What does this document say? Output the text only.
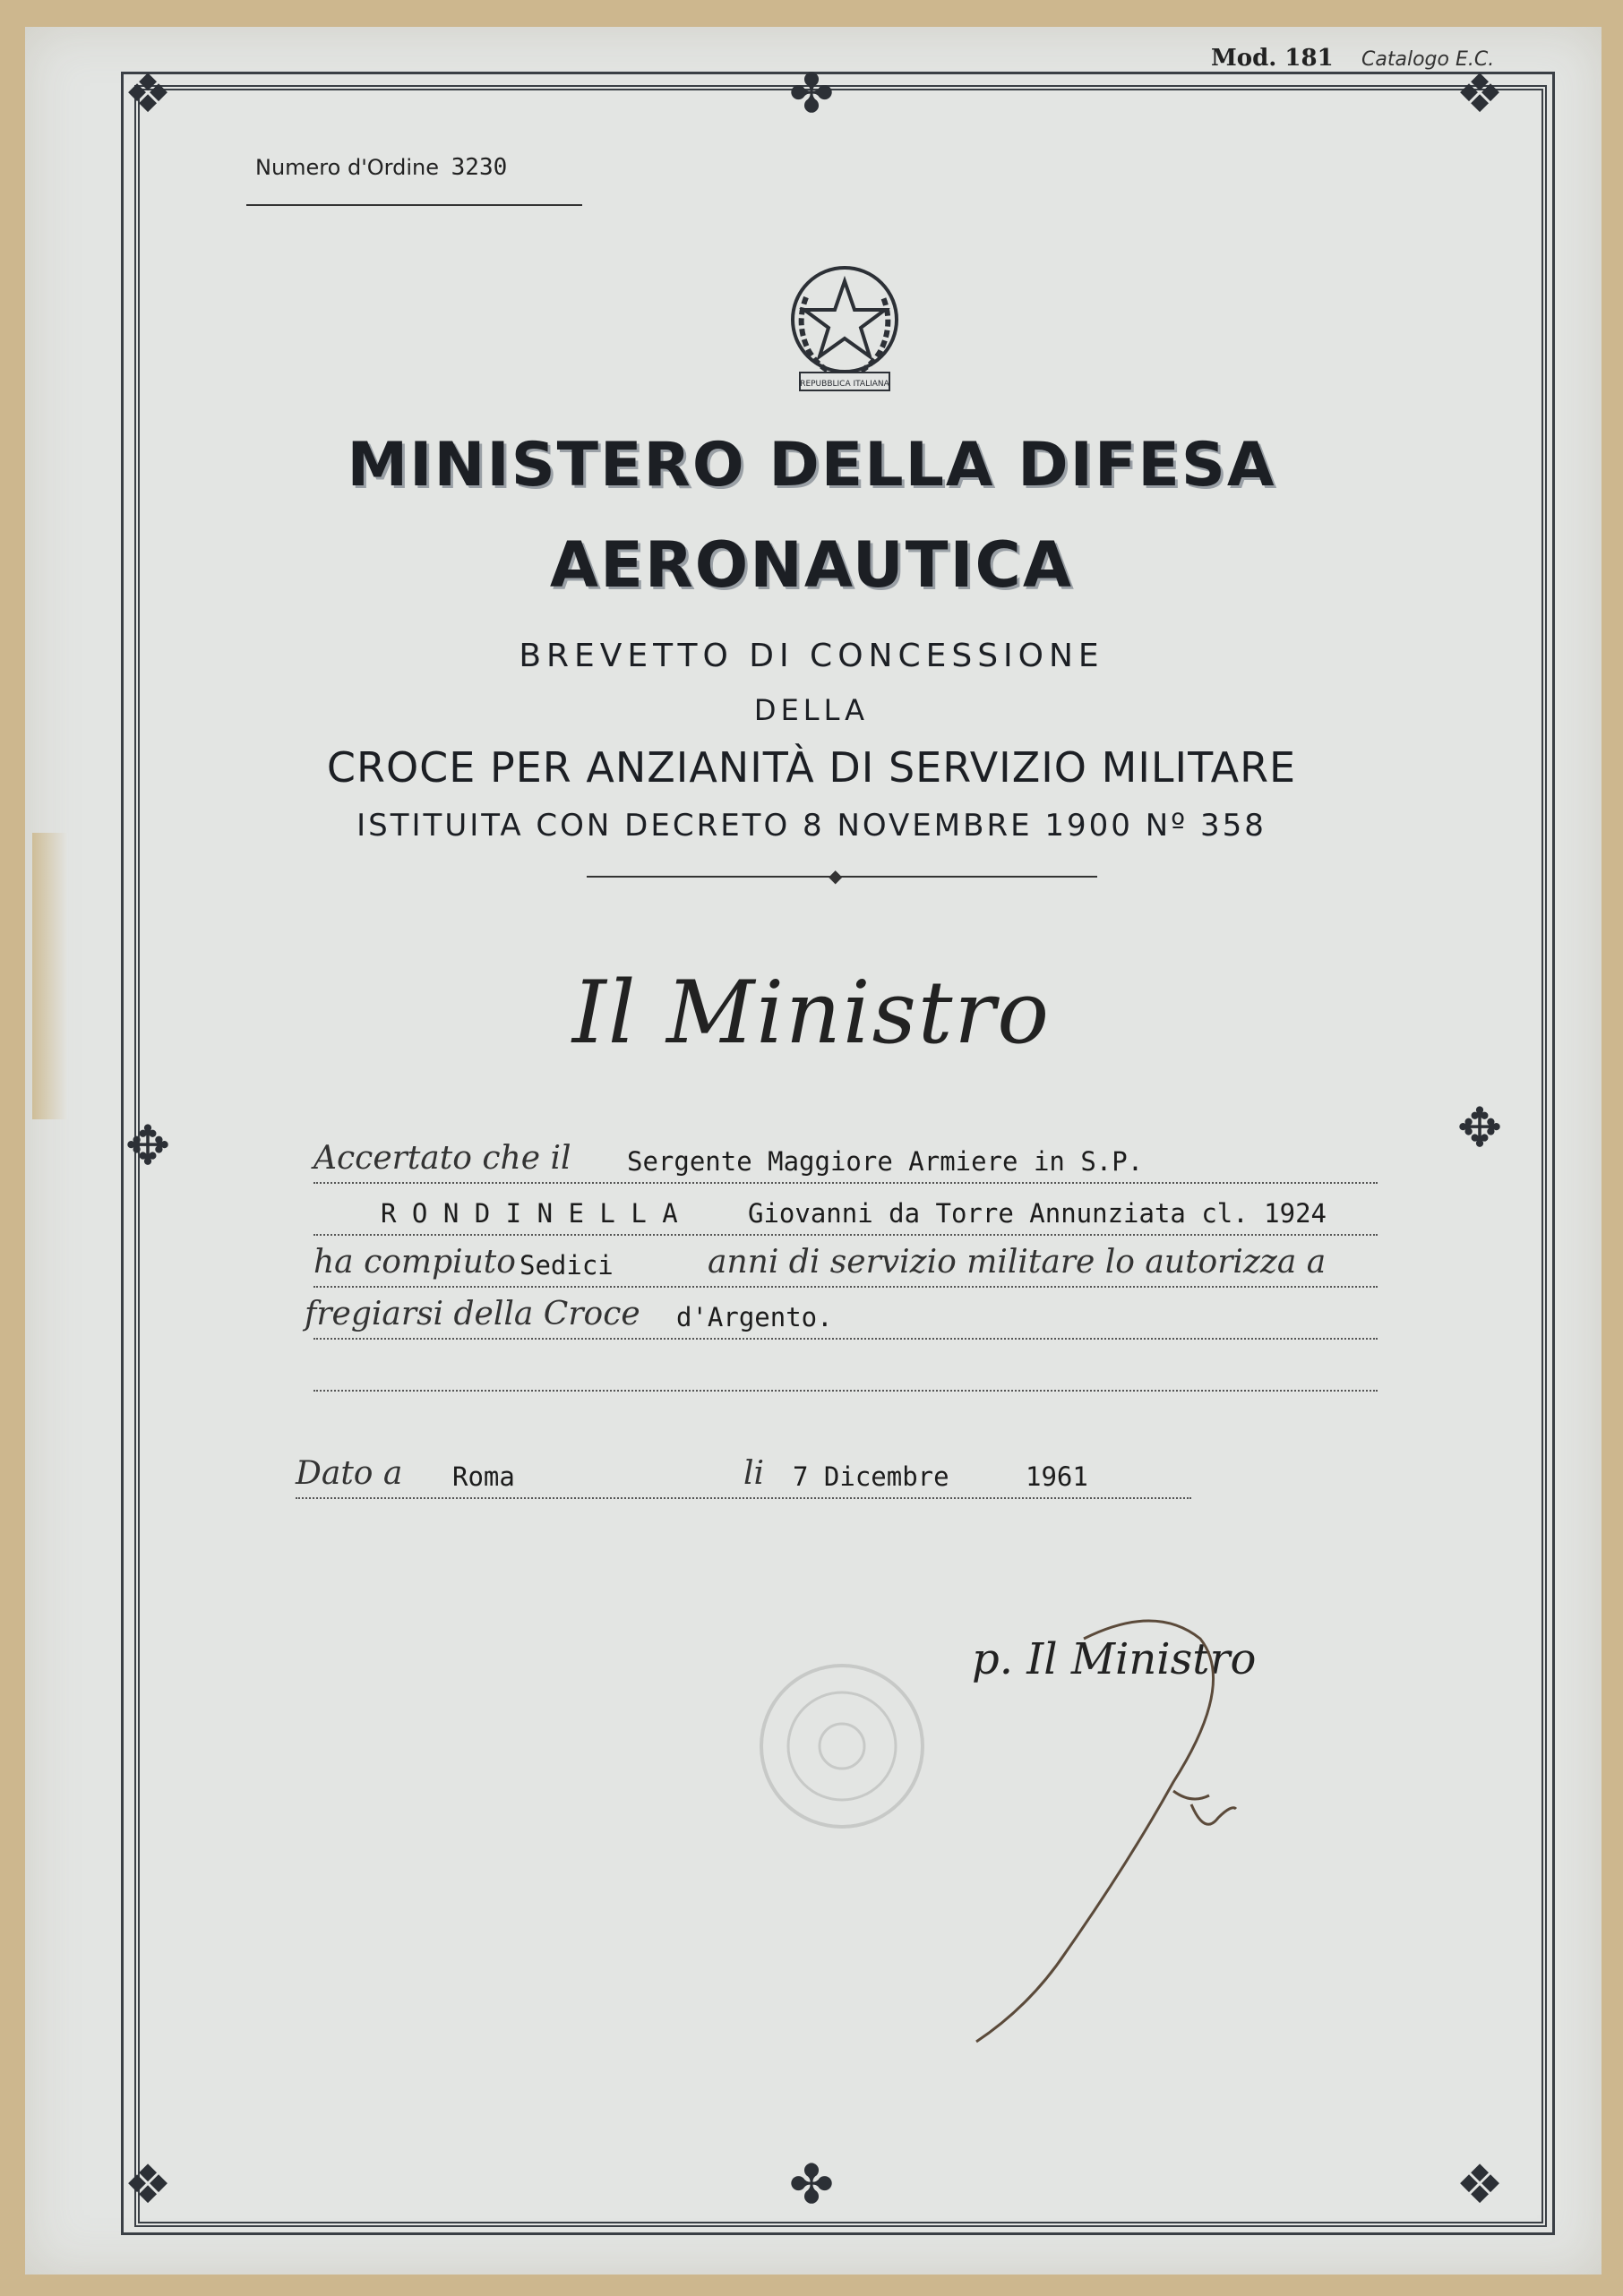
❖	❖
❖	❖
✤
✤
✥	✥
Mod. 181 Catalogo E.C.
Numero d'Ordine 3230
REPUBBLICA ITALIANA
MINISTERO DELLA DIFESA
AERONAUTICA
BREVETTO DI CONCESSIONE
DELLA
CROCE PER ANZIANITÀ DI SERVIZIO MILITARE
ISTITUITA CON DECRETO 8 NOVEMBRE 1900 Nº 358
◆
Il Ministro
Accertato che il Sergente Maggiore Armiere in S.P.
R O N D I N E L L A	Giovanni da Torre Annunziata cl. 1924
ha compiuto Sedici	anni di servizio militare lo autorizza a
fregiarsi della Croce d'Argento.
Dato a Roma	li 7 Dicembre	1961
p. Il Ministro
